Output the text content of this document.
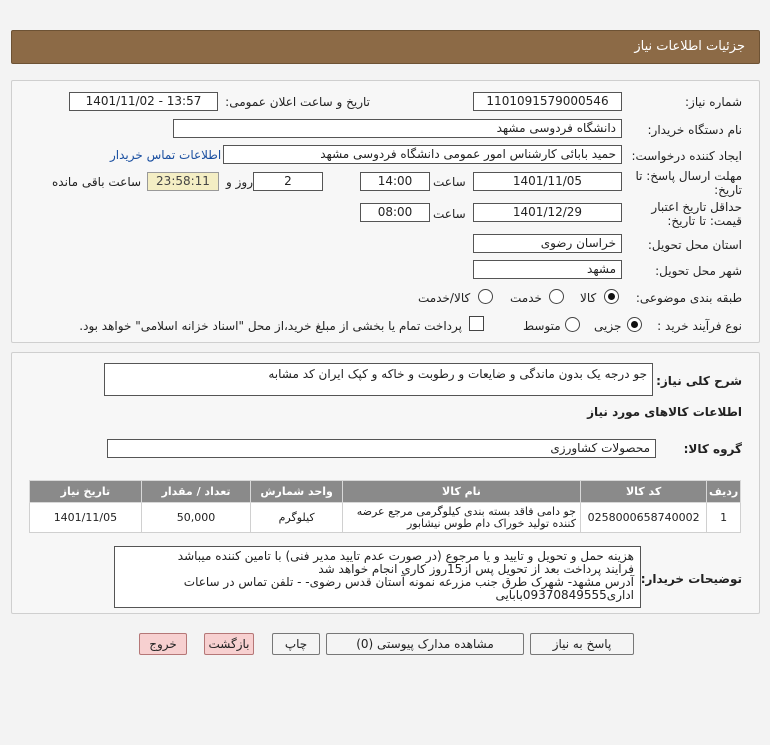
جزئیات اطلاعات نیاز
شماره نیاز:
1101091579000546
تاریخ و ساعت اعلان عمومی:
1401/11/02 - 13:57
نام دستگاه خریدار:
دانشگاه فردوسی مشهد
ایجاد کننده درخواست:
حمید بابائی کارشناس امور عمومی دانشگاه فردوسی مشهد
اطلاعات تماس خریدار
مهلت ارسال پاسخ: تا
تاریخ:
1401/11/05
ساعت
14:00
2
روز و
23:58:11
ساعت باقی مانده
حداقل تاریخ اعتبار
قیمت: تا تاریخ:
1401/12/29
ساعت
08:00
استان محل تحویل:
خراسان رضوی
شهر محل تحویل:
مشهد
طبقه بندی موضوعی:
کالا
خدمت
کالا/خدمت
نوع فرآیند خرید :
جزیی
متوسط
پرداخت تمام یا بخشی از مبلغ خرید،از محل "اسناد خزانه اسلامی" خواهد بود.
شرح کلی نیاز:
جو درجه یک بدون ماندگی و ضایعات و رطوبت و خاکه و کپک ایران کد مشابه
اطلاعات کالاهای مورد نیاز
گروه کالا:
محصولات کشاورزی
ردیف	کد کالا	نام کالا	واحد شمارش	تعداد / مقدار	تاریخ نیاز
1	0258000658740002	جو دامی فاقد بسته بندی کیلوگرمی مرجع عرضه کننده تولید خوراک دام طوس نیشابور	کیلوگرم	50,000	1401/11/05
توضیحات خریدار:
هزینه حمل و تحویل و تایید و یا مرجوع (در صورت عدم تایید مدیر فنی) با تامین کننده میباشد
فرایند پرداخت بعد از تحویل پس از15روز کاری انجام خواهد شد
آدرس مشهد- شهرک طرق جنب مزرعه نمونه آستان قدس رضوی- - تلفن تماس در ساعات اداری09370849555بابایی
پاسخ به نیاز
مشاهده مدارک پیوستی (0)
چاپ
بازگشت
خروج
